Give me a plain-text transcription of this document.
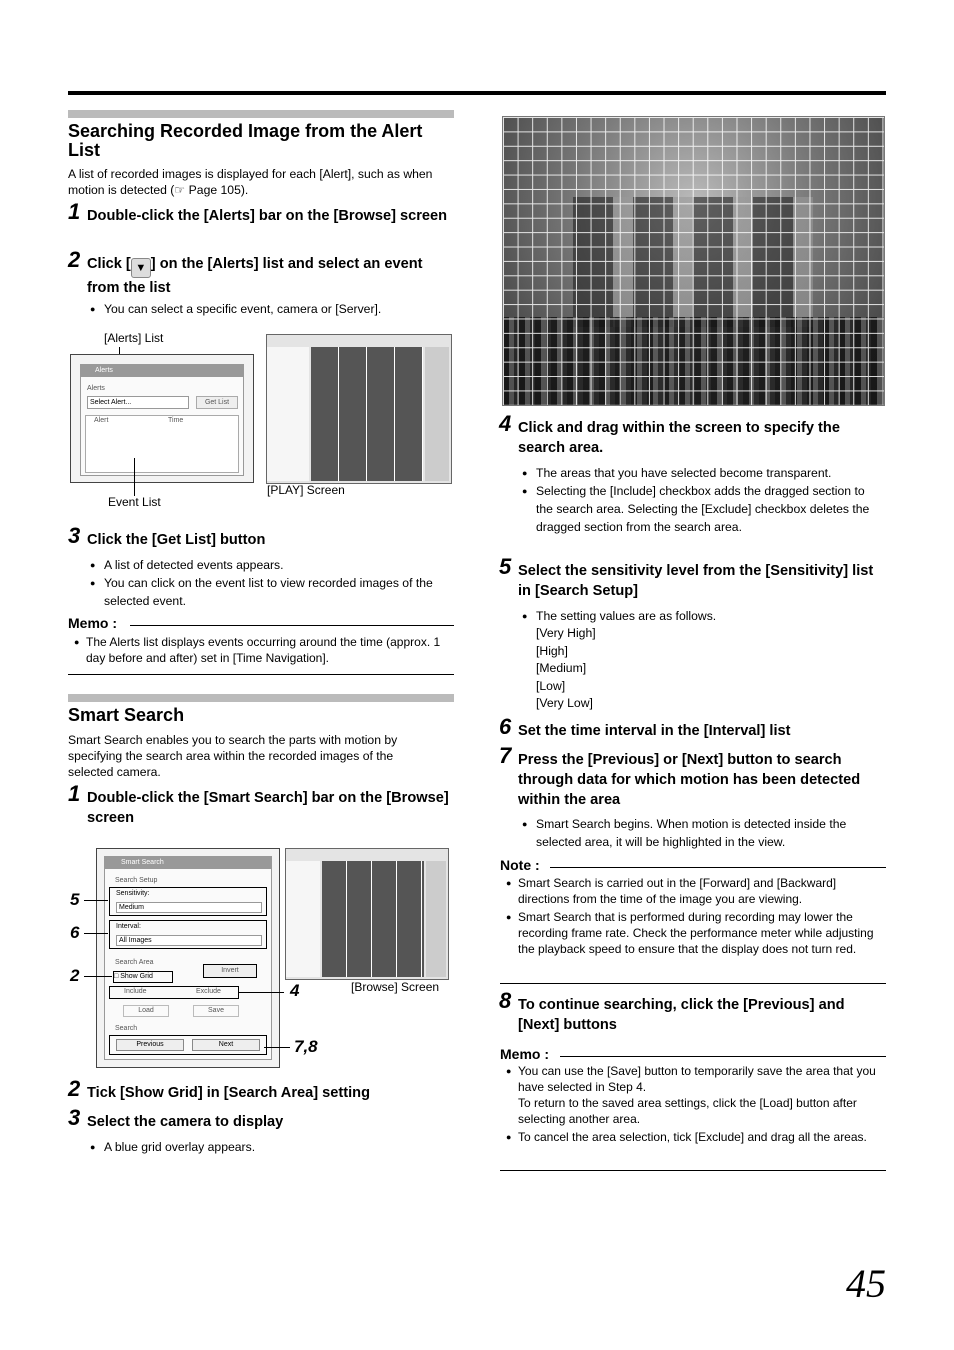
Searching Recorded Image from the Alert List

A list of recorded images is displayed for each [Alert], such as when motion is detected (☞ Page 105).

1 Double-click the [Alerts] bar on the [Browse] screen
2 Click [ ▼ ] on the [Alerts] list and select an event from the list
● You can select a specific event, camera or [Server].
[Alerts] List
Alerts
Alerts
Select Alert...	Get List
Alert	Time
Event List
[PLAY] Screen
3 Click the [Get List] button
● A list of detected events appears.
● You can click on the event list to view recorded images of the selected event.
Memo :
● The Alerts list displays events occurring around the time (approx. 1 day before and after) set in [Time Navigation].
Smart Search

Smart Search enables you to search the parts with motion by specifying the search area within the recorded images of the selected camera.

1 Double-click the [Smart Search] bar on the [Browse] screen
Smart Search
Search Setup
Sensitivity:
Medium
Interval:
All Images
Search Area
□ Show Grid
Invert
Include	Exclude
Load	Save
Search
Previous	Next
5
6
2
4
7,8
[Browse] Screen
2 Tick [Show Grid] in [Search Area] setting
3 Select the camera to display
● A blue grid overlay appears.
4 Click and drag within the screen to specify the search area.
● The areas that you have selected become transparent.
● Selecting the [Include] checkbox adds the dragged section to the search area. Selecting the [Exclude] checkbox deletes the dragged section from the search area.
5 Select the sensitivity level from the [Sensitivity] list in [Search Setup]
● The setting values are as follows.
[Very High]
[High]
[Medium]
[Low]
[Very Low]
6 Set the time interval in the [Interval] list
7 Press the [Previous] or [Next] button to search through data for which motion has been detected within the area
● Smart Search begins. When motion is detected inside the selected area, it will be highlighted in the view.
Note :
● Smart Search is carried out in the [Forward] and [Backward] directions from the time of the image you are viewing.
● Smart Search that is performed during recording may lower the recording frame rate. Check the performance meter while adjusting the playback speed to ensure that the display does not turn red.
8 To continue searching, click the [Previous] and [Next] buttons
Memo :
● You can use the [Save] button to temporarily save the area that you have selected in Step 4.
To return to the saved area settings, click the [Load] button after selecting another area.
● To cancel the area selection, tick [Exclude] and drag all the areas.
45
